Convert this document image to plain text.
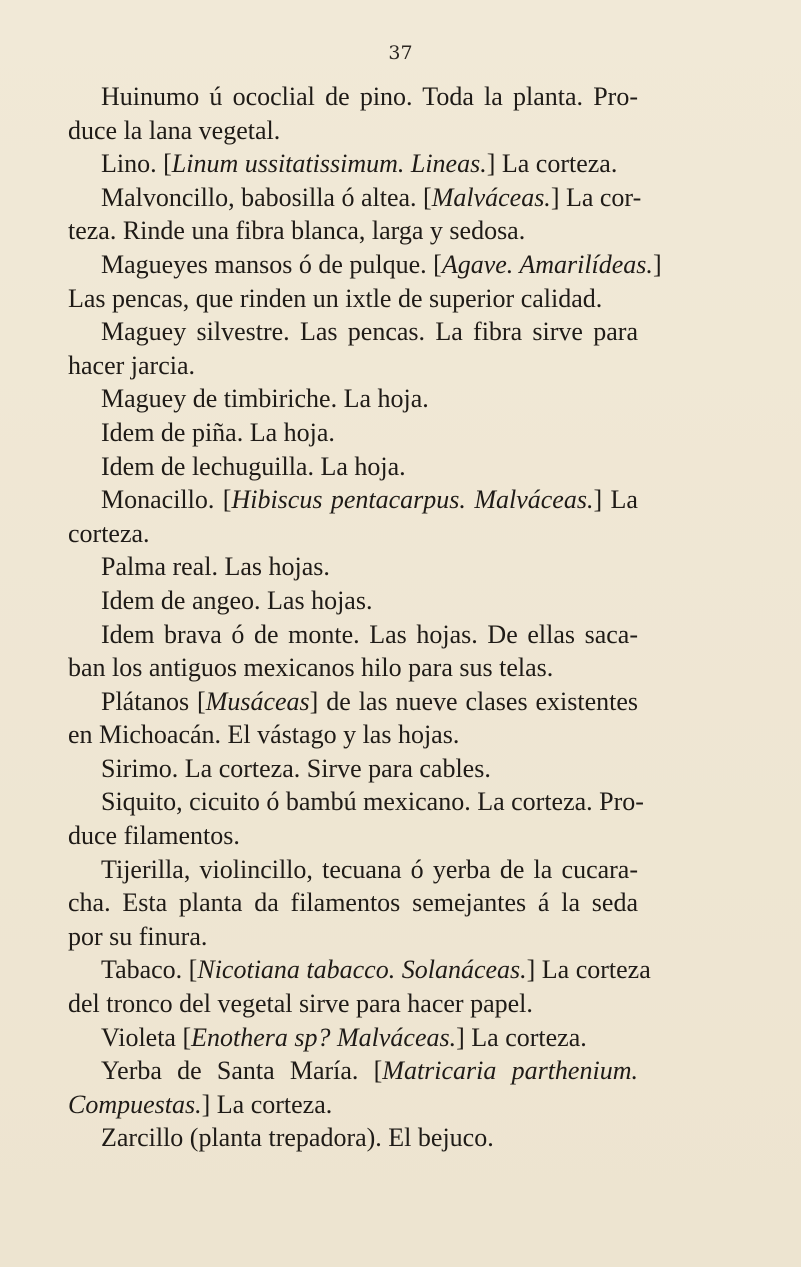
37
Huinumo ú ococlial de pino. Toda la planta. Pro-
duce la lana vegetal.
Lino. [Linum ussitatissimum. Lineas.] La corteza.
Malvoncillo, babosilla ó altea. [Malváceas.] La cor-
teza. Rinde una fibra blanca, larga y sedosa.
Magueyes mansos ó de pulque. [Agave. Amarilídeas.]
Las pencas, que rinden un ixtle de superior calidad.
Maguey silvestre. Las pencas. La fibra sirve para
hacer jarcia.
Maguey de timbiriche. La hoja.
Idem de piña. La hoja.
Idem de lechuguilla. La hoja.
Monacillo. [Hibiscus pentacarpus. Malváceas.] La
corteza.
Palma real. Las hojas.
Idem de angeo. Las hojas.
Idem brava ó de monte. Las hojas. De ellas saca-
ban los antiguos mexicanos hilo para sus telas.
Plátanos [Musáceas] de las nueve clases existentes
en Michoacán. El vástago y las hojas.
Sirimo. La corteza. Sirve para cables.
Siquito, cicuito ó bambú mexicano. La corteza. Pro-
duce filamentos.
Tijerilla, violincillo, tecuana ó yerba de la cucara-
cha. Esta planta da filamentos semejantes á la seda
por su finura.
Tabaco. [Nicotiana tabacco. Solanáceas.] La corteza
del tronco del vegetal sirve para hacer papel.
Violeta [Enothera sp? Malváceas.] La corteza.
Yerba de Santa María. [Matricaria parthenium.
Compuestas.] La corteza.
Zarcillo (planta trepadora). El bejuco.
